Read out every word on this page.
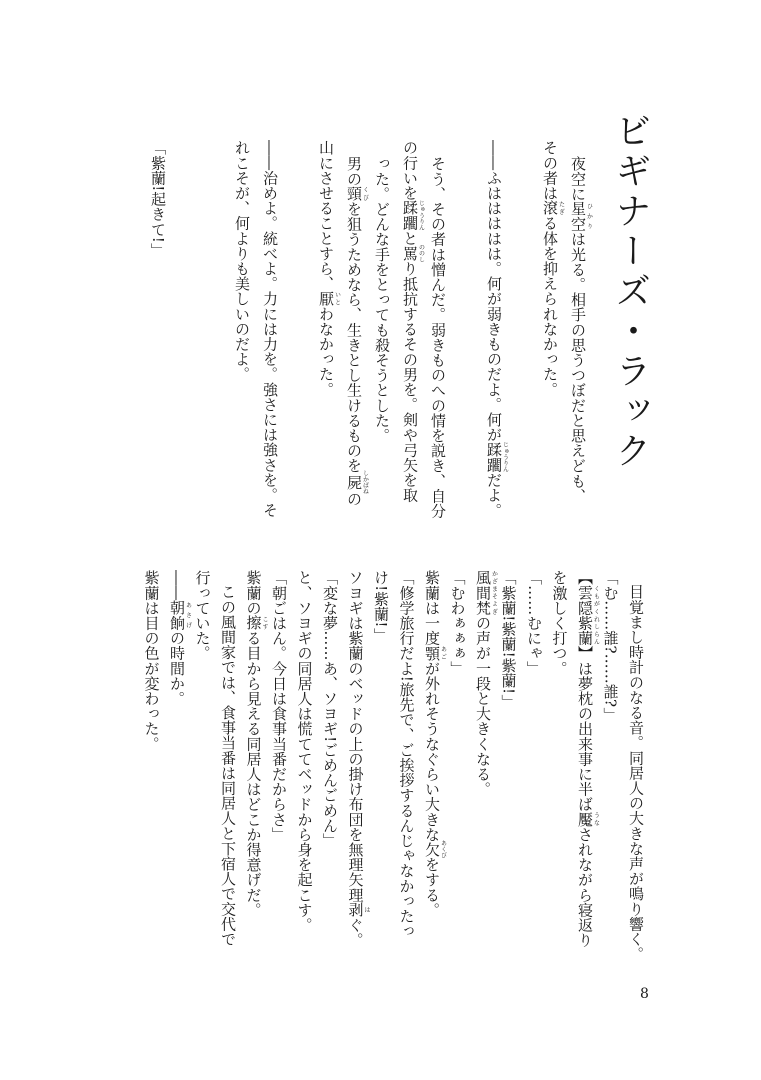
ビギナーズ・ラック
夜空に星空ひかりは光る。相手の思うつぼだと思えども、
その者は滾たぎる体を抑えられなかった。
――ふははははは。何が弱きものだよ。何が蹂躙じゅうりんだよ。
そう、その者は憎んだ。弱きものへの情を説き、自分
の行いを蹂躙じゅうりんと罵ののしり抵抗するその男を。剣や弓矢を取
った。どんな手をとっても殺そうとした。
男の頸くびを狙うためなら、生きとし生けるものを屍しかばねの
山にさせることすら、厭いとわなかった。
――治めよ。統べよ。力には力を。強さには強さを。そ
れこそが、何よりも美しいのだよ。
「紫蘭!起きて!」
目覚まし時計のなる音。同居人の大きな声が鳴り響く。
「む……誰?……誰?」
【雲隠紫蘭くもがくれしらん】は夢枕の出来事に半ば魘うなされながら寝返り
を激しく打つ。
「……むにゃ」
「紫蘭!紫蘭!紫蘭!」
風間梵かざまそよぎの声が一段と大きくなる。
「むわぁぁぁ」
紫蘭は一度顎あごが外れそうなぐらい大きな欠あくびをする。
「修学旅行だよ!旅先で、ご挨拶するんじゃなかったっ
け!紫蘭!」
ソヨギは紫蘭のベッドの上の掛け布団を無理矢理剥はぐ。
「変な夢……あ、ソヨギ!ごめんごめん」
と、ソヨギの同居人は慌ててベッドから身を起こす。
「朝ごはん。今日は食事当番だからさ」
紫蘭の擦こする目から見える同居人はどこか得意げだ。
この風間家では、食事当番は同居人と下宿人で交代で
行っていた。
――朝餉あさげの時間か。
紫蘭は目の色が変わった。
8
